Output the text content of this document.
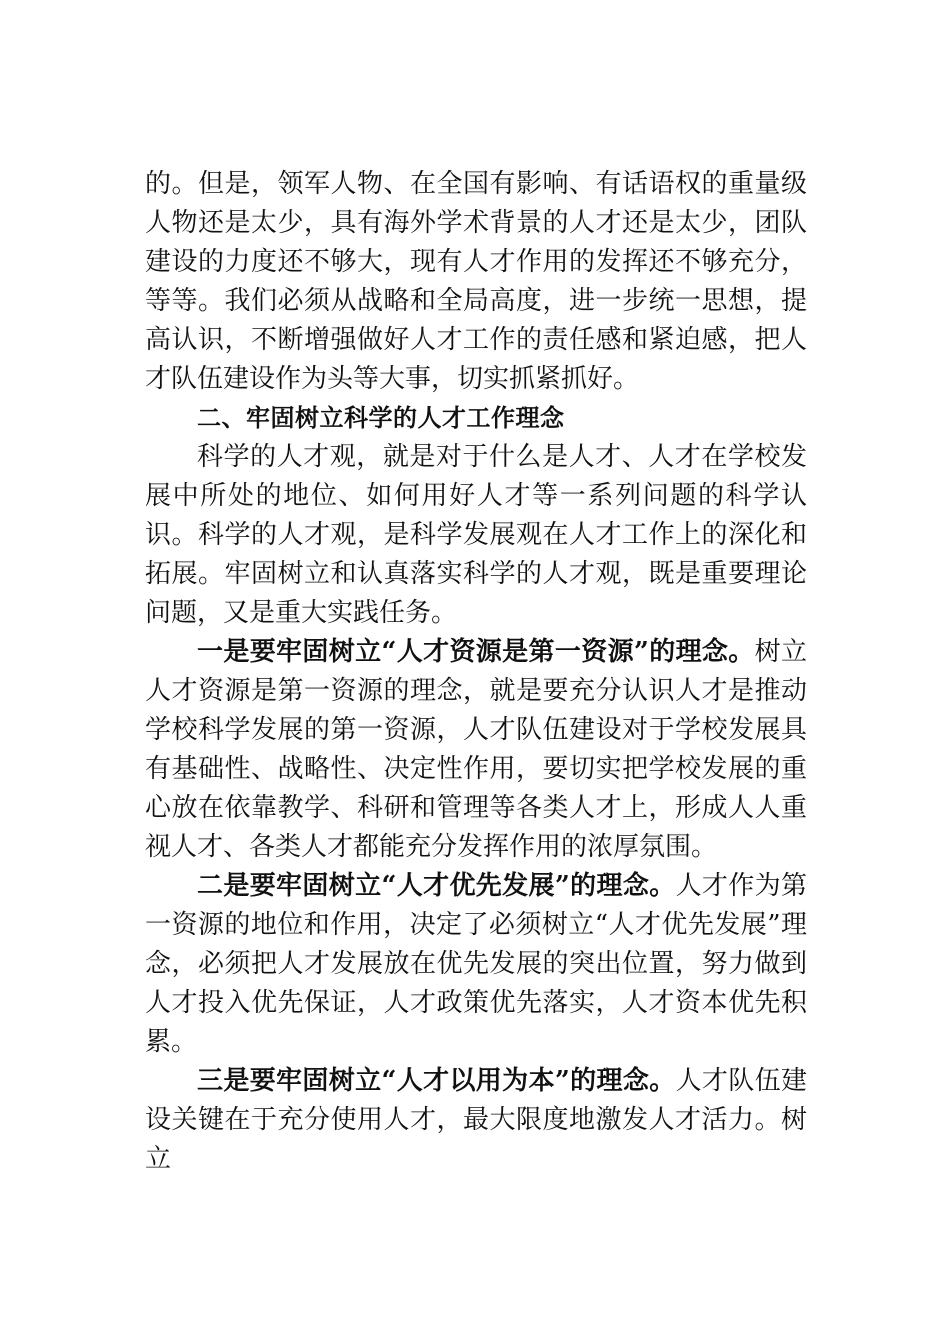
的。但是，领军人物、在全国有影响、有话语权的重量级人物还是太少，具有海外学术背景的人才还是太少，团队建设的力度还不够大，现有人才作用的发挥还不够充分，等等。我们必须从战略和全局高度，进一步统一思想，提高认识，不断增强做好人才工作的责任感和紧迫感，把人才队伍建设作为头等大事，切实抓紧抓好。

二、牢固树立科学的人才工作理念

科学的人才观，就是对于什么是人才、人才在学校发展中所处的地位、如何用好人才等一系列问题的科学认识。科学的人才观，是科学发展观在人才工作上的深化和拓展。牢固树立和认真落实科学的人才观，既是重要理论问题，又是重大实践任务。

一是要牢固树立“人才资源是第一资源”的理念。树立人才资源是第一资源的理念，就是要充分认识人才是推动学校科学发展的第一资源，人才队伍建设对于学校发展具有基础性、战略性、决定性作用，要切实把学校发展的重心放在依靠教学、科研和管理等各类人才上，形成人人重视人才、各类人才都能充分发挥作用的浓厚氛围。

二是要牢固树立“人才优先发展”的理念。人才作为第一资源的地位和作用，决定了必须树立“人才优先发展”理念，必须把人才发展放在优先发展的突出位置，努力做到人才投入优先保证，人才政策优先落实，人才资本优先积累。

三是要牢固树立“人才以用为本”的理念。人才队伍建设关键在于充分使用人才，最大限度地激发人才活力。树立
